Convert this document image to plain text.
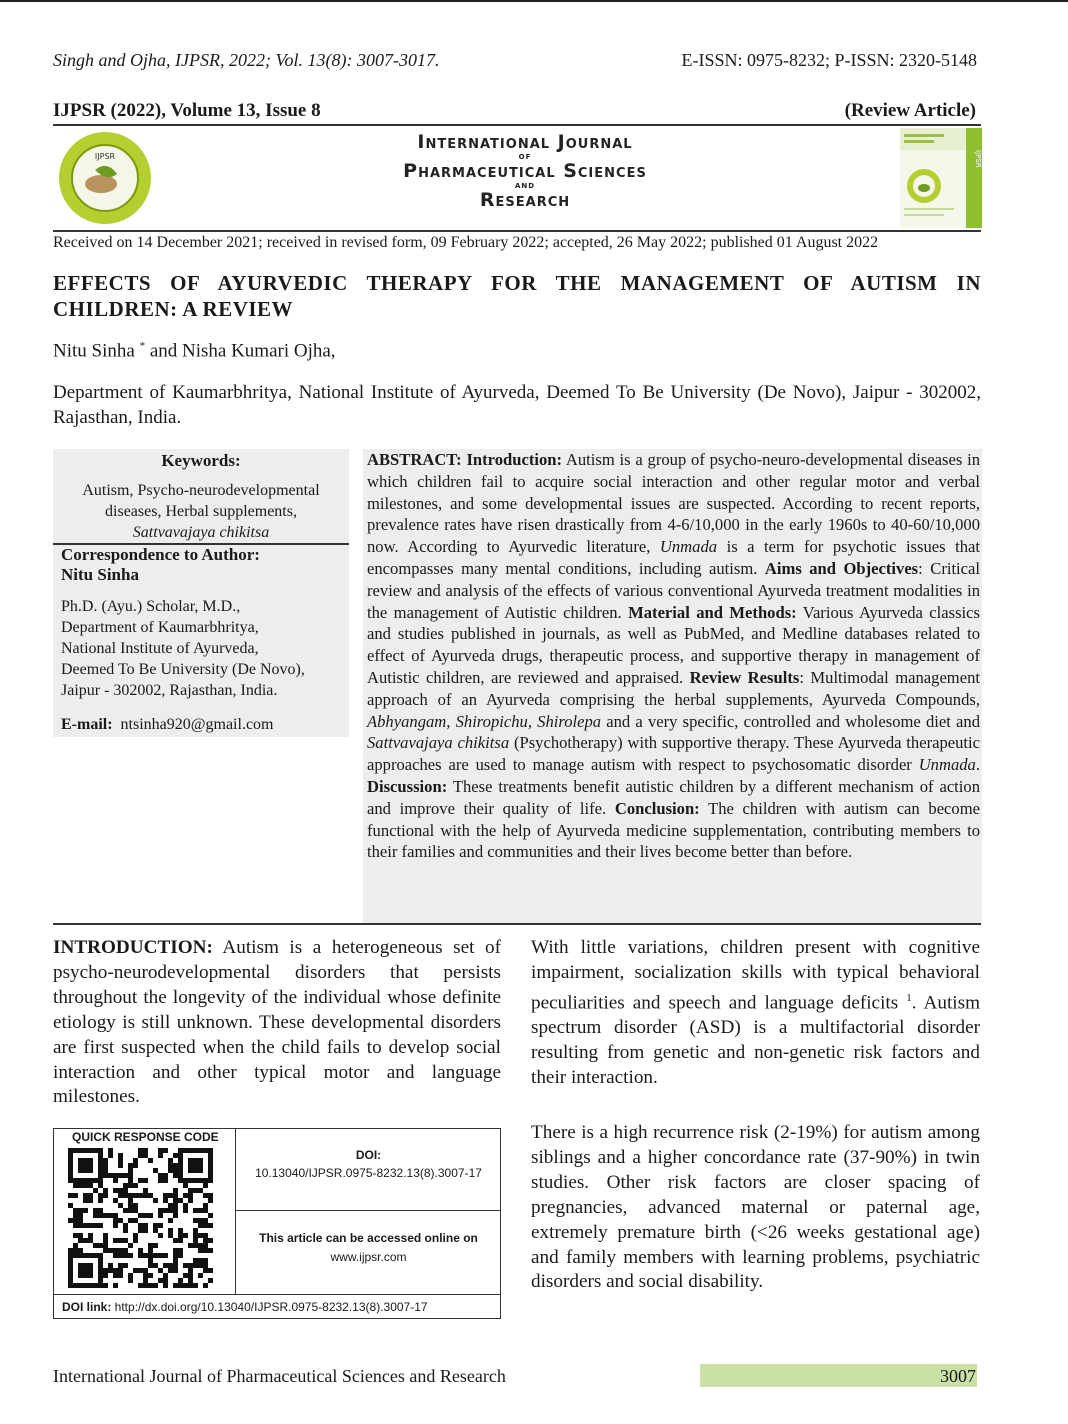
Singh and Ojha, IJPSR, 2022; Vol. 13(8): 3007-3017.	E-ISSN: 0975-8232; P-ISSN: 2320-5148
IJPSR (2022), Volume 13, Issue 8	(Review Article)
IJPSR
International Journal
of
Pharmaceutical Sciences
and
Research
IJPSR
Received on 14 December 2021; received in revised form, 09 February 2022; accepted, 26 May 2022; published 01 August 2022
EFFECTS OF AYURVEDIC THERAPY FOR THE MANAGEMENT OF AUTISM IN CHILDREN: A REVIEW
Nitu Sinha * and Nisha Kumari Ojha,
Department of Kaumarbhritya, National Institute of Ayurveda, Deemed To Be University (De Novo), Jaipur - 302002, Rajasthan, India.
Keywords:
Autism, Psycho-neurodevelopmental diseases, Herbal supplements,
Sattvavajaya chikitsa
Correspondence to Author:
Nitu Sinha
Ph.D. (Ayu.) Scholar, M.D.,
Department of Kaumarbhritya,
National Institute of Ayurveda,
Deemed To Be University (De Novo),
Jaipur - 302002, Rajasthan, India.
E-mail: ntsinha920@gmail.com
ABSTRACT: Introduction: Autism is a group of psycho-neuro-developmental diseases in which children fail to acquire social interaction and other regular motor and verbal milestones, and some developmental issues are suspected. According to recent reports, prevalence rates have risen drastically from 4-6/10,000 in the early 1960s to 40-60/10,000 now. According to Ayurvedic literature, Unmada is a term for psychotic issues that encompasses many mental conditions, including autism. Aims and Objectives: Critical review and analysis of the effects of various conventional Ayurveda treatment modalities in the management of Autistic children. Material and Methods: Various Ayurveda classics and studies published in journals, as well as PubMed, and Medline databases related to effect of Ayurveda drugs, therapeutic process, and supportive therapy in management of Autistic children, are reviewed and appraised. Review Results: Multimodal management approach of an Ayurveda comprising the herbal supplements, Ayurveda Compounds, Abhyangam, Shiropichu, Shirolepa and a very specific, controlled and wholesome diet and Sattvavajaya chikitsa (Psychotherapy) with supportive therapy. These Ayurveda therapeutic approaches are used to manage autism with respect to psychosomatic disorder Unmada. Discussion: These treatments benefit autistic children by a different mechanism of action and improve their quality of life. Conclusion: The children with autism can become functional with the help of Ayurveda medicine supplementation, contributing members to their families and communities and their lives become better than before.
INTRODUCTION: Autism is a heterogeneous set of psycho-neurodevelopmental disorders that persists throughout the longevity of the individual whose definite etiology is still unknown. These developmental disorders are first suspected when the child fails to develop social interaction and other typical motor and language milestones.
With little variations, children present with cognitive impairment, socialization skills with typical behavioral peculiarities and speech and language deficits $^1$. Autism spectrum disorder (ASD) is a multifactorial disorder resulting from genetic and non-genetic risk factors and their interaction.
There is a high recurrence risk (2-19%) for autism among siblings and a higher concordance rate (37-90%) in twin studies. Other risk factors are closer spacing of pregnancies, advanced maternal or paternal age, extremely premature birth (<26 weeks gestational age) and family members with learning problems, psychiatric disorders and social disability.
QUICK RESPONSE CODE
DOI:
10.13040/IJPSR.0975-8232.13(8).3007-17
This article can be accessed online on
www.ijpsr.com
DOI link: http://dx.doi.org/10.13040/IJPSR.0975-8232.13(8).3007-17
International Journal of Pharmaceutical Sciences and Research	3007
